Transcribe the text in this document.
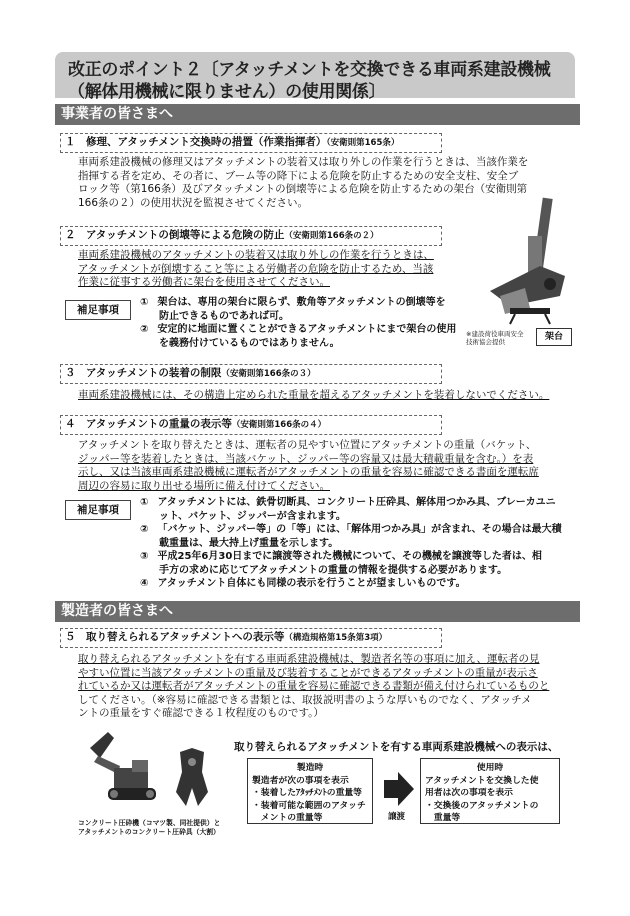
改正のポイント２〔アタッチメントを交換できる車両系建設機械
（解体用機械に限りません）の使用関係〕
事業者の皆さまへ
１　修理、アタッチメント交換時の措置（作業指揮者）（安衛則第165条）
車両系建設機械の修理又はアタッチメントの装着又は取り外しの作業を行うときは、当該作業を
指揮する者を定め、その者に、ブーム等の降下による危険を防止するための安全支柱、安全ブ
ロック等（第166条）及びアタッチメントの倒壊等による危険を防止するための架台（安衛則第
166条の２）の使用状況を監視させてください。
２　アタッチメントの倒壊等による危険の防止（安衛則第166条の２）
車両系建設機械のアタッチメントの装着又は取り外しの作業を行うときは、
アタッチメントが倒壊すること等による労働者の危険を防止するため、当該
作業に従事する労働者に架台を使用させてください。
補足事項
① 架台は、専用の架台に限らず、敷角等アタッチメントの倒壊等を
防止できるものであれば可。
② 安定的に地面に置くことができるアタッチメントにまで架台の使用
を義務付けているものではありません。
※建設荷役車両安全
技術協会提供	架台
３　アタッチメントの装着の制限（安衛則第166条の３）
車両系建設機械には、その構造上定められた重量を超えるアタッチメントを装着しないでください。
４　アタッチメントの重量の表示等（安衛則第166条の４）
アタッチメントを取り替えたときは、運転者の見やすい位置にアタッチメントの重量（バケット、
ジッパー等を装着したときは、当該バケット、ジッパー等の容量又は最大積載重量を含む。）を表
示し、又は当該車両系建設機械に運転者がアタッチメントの重量を容易に確認できる書面を運転席
周辺の容易に取り出せる場所に備え付けてください。
補足事項
① アタッチメントには、鉄骨切断具、コンクリート圧砕具、解体用つかみ具、ブレーカユニ
ット、バケット、ジッパーが含まれます。
② 「バケット、ジッパー等」の「等」には、「解体用つかみ具」が含まれ、その場合は最大積
載重量は、最大持上げ重量を示します。
③ 平成25年6月30日までに譲渡等された機械について、その機械を譲渡等した者は、相
手方の求めに応じてアタッチメントの重量の情報を提供する必要があります。
④ アタッチメント自体にも同様の表示を行うことが望ましいものです。
製造者の皆さまへ
５　取り替えられるアタッチメントへの表示等（構造規格第15条第3項）
取り替えられるアタッチメントを有する車両系建設機械は、製造者名等の事項に加え、運転者の見
やすい位置に当該アタッチメントの重量及び装着することができるアタッチメントの重量が表示さ
れているか又は運転者がアタッチメントの重量を容易に確認できる書類が備え付けられているものと
してください。（※容易に確認できる書類とは、取扱説明書のような厚いものでなく、アタッチメ
ントの重量をすぐ確認できる１枚程度のものです。）
コンクリート圧砕機（コマツ製、同社提供）と
アタッチメントのコンクリート圧砕具（大割）
取り替えられるアタッチメントを有する車両系建設機械への表示は、
製造時
製造者が次の事項を表示
・装着したｱﾀｯﾁﾒﾝﾄの重量等
・装着可能な範囲のアタッチ
　メントの重量等	譲渡
使用時
アタッチメントを交換した使
用者は次の事項を表示
・交換後のアタッチメントの
　重量等
